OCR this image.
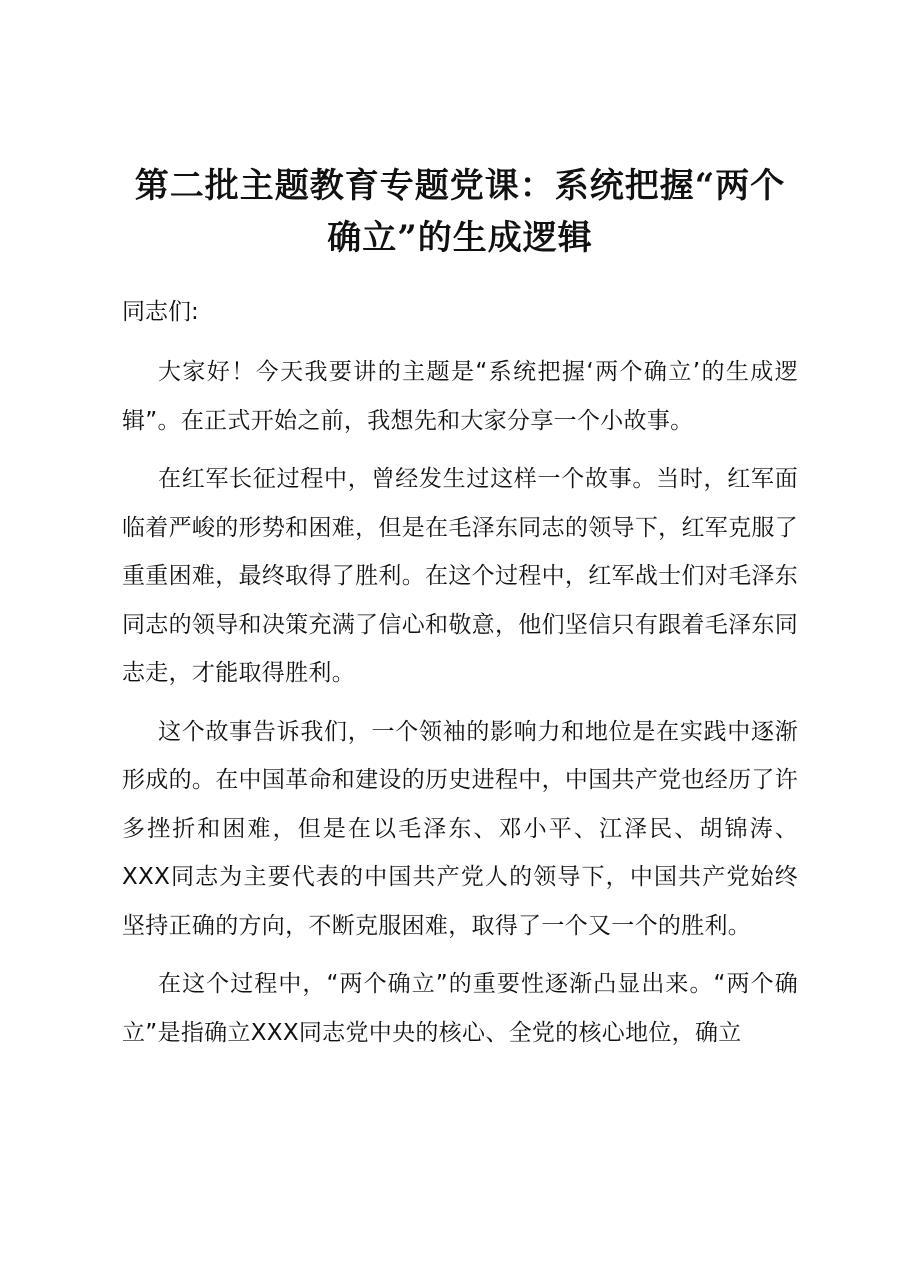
第二批主题教育专题党课：系统把握“两个确立”的生成逻辑
同志们:

大家好！今天我要讲的主题是“系统把握‘两个确立’的生成逻辑”。在正式开始之前，我想先和大家分享一个小故事。

在红军长征过程中，曾经发生过这样一个故事。当时，红军面临着严峻的形势和困难，但是在毛泽东同志的领导下，红军克服了重重困难，最终取得了胜利。在这个过程中，红军战士们对毛泽东同志的领导和决策充满了信心和敬意，他们坚信只有跟着毛泽东同志走，才能取得胜利。

这个故事告诉我们，一个领袖的影响力和地位是在实践中逐渐形成的。在中国革命和建设的历史进程中，中国共产党也经历了许多挫折和困难，但是在以毛泽东、邓小平、江泽民、胡锦涛、XXX同志为主要代表的中国共产党人的领导下，中国共产党始终坚持正确的方向，不断克服困难，取得了一个又一个的胜利。

在这个过程中，“两个确立”的重要性逐渐凸显出来。“两个确立”是指确立XXX同志党中央的核心、全党的核心地位，确立
